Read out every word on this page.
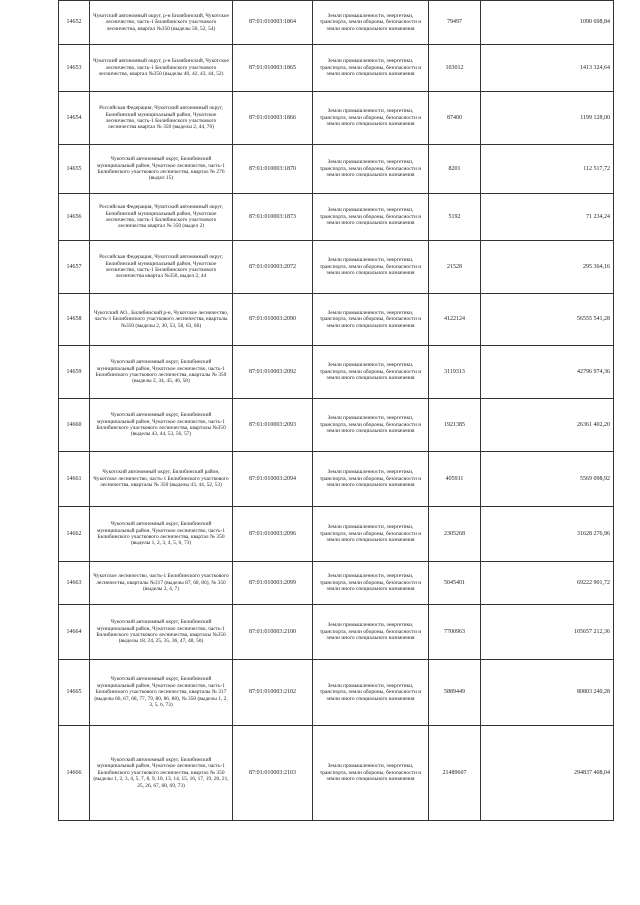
14652	Чукотский автономный округ, р-н Билибинский, Чукотское лесничество, часть-1 Билибинского участкового лесничества, квартал №350 (выделы 50, 52, 54)	87:01:010003:1864	Земли промышленности, энергетики, транспорта, земли обороны, безопасности и земли иного специального назначения	79497	1090 698,84
14653	Чукотский автономный округ, р-н Билибинский, Чукотское лесничество, часть-1 Билибинского участкового лесничества, квартал №350 (выделы 40, 42, 43, 44, 52)	87:01:010003:1865	Земли промышленности, энергетики, транспорта, земли обороны, безопасности и земли иного специального назначения	103012	1413 324,64
14654	Российская Федерация, Чукотский автономный округ, Билибинский муниципальный район, Чукотское лесничество, часть-1 Билибинского участкового лесничества квартал № 350 (выделы 2, 44, 70)	87:01:010003:1866	Земли промышленности, энергетики, транспорта, земли обороны, безопасности и земли иного специального назначения	87400	1199 128,00
14655	Чукотский автономный округ, Билибинский муниципальный район, Чукотское лесничество, часть-1 Билибинского участкового лесничества, квартал № 276 (выдел 15)	87:01:010003:1870	Земли промышленности, энергетики, транспорта, земли обороны, безопасности и земли иного специального назначения	8201	112 517,72
14656	Российская Федерация, Чукотский автономный округ, Билибинский муниципальный район, Чукотское лесничество, часть-1 Билибинского участкового лесничества квартал № 350 (выдел 2)	87:01:010003:1873	Земли промышленности, энергетики, транспорта, земли обороны, безопасности и земли иного специального назначения	5192	71 234,24
14657	Российская Федерация, Чукотский автономный округ, Билибинский муниципальный район, Чукотское лесничество, часть-1 Билибинского участкового лесничества квартал №350, выдел 2, 44	87:01:010003:2072	Земли промышленности, энергетики, транспорта, земли обороны, безопасности и земли иного специального назначения	21528	295 364,16
14658	Чукотский АО., Билибинский р-н, Чукотское лесничество, часть-1 Билибинского участкового лесничества, кварталы №350 (выделы 2, 30, 53, 58, 63, 66)	87:01:010003:2090	Земли промышленности, энергетики, транспорта, земли обороны, безопасности и земли иного специального назначения	4122124	56555 541,28
14659	Чукотский автономный округ, Билибинский муниципальный район, Чукотское лесничество, часть-1 Билибинского участкового лесничества, кварталы № 350 (выделы 2, 34, 45, 46, 58)	87:01:010003:2092	Земли промышленности, энергетики, транспорта, земли обороны, безопасности и земли иного специального назначения	3119313	42796 974,36
14660	Чукотский автономный округ, Билибинский муниципальный район, Чукотское лесничество, часть-1 Билибинского участкового лесничества, кварталы №350 (выделы 43, 44, 53, 56, 57)	87:01:010003:2093	Земли промышленности, энергетики, транспорта, земли обороны, безопасности и земли иного специального назначения	1921385	26361 402,20
14661	Чукотский автономный округ, Билибинский район, Чукотское лесничество, часть-1 Билибинского участкового лесничества, кварталы № 350 (выделы 43, 44, 52, 53)	87:01:010003:2094	Земли промышленности, энергетики, транспорта, земли обороны, безопасности и земли иного специального назначения	405911	5569 098,92
14662	Чукотский автономный округ, Билибинский муниципальный район, Чукотское лесничество, часть-1 Билибинского участкового лесничества, квартал № 350 (выделы 1, 2, 3, 4, 5, 6, 73)	87:01:010003:2096	Земли промышленности, энергетики, транспорта, земли обороны, безопасности и земли иного специального назначения	2305268	31628 276,96
14663	Чукотское лесничество, часть-1 Билибинского участкового лесничества, кварталы №317 (выделы 87, 68, 86), № 350 (выделы 3, 4, 7)	87:01:010003:2099	Земли промышленности, энергетики, транспорта, земли обороны, безопасности и земли иного специального назначения	5045401	69222 901,72
14664	Чукотский автономный округ, Билибинский муниципальный район, Чукотское лесничество, часть-1 Билибинского участкового лесничества, кварталы №350 (выделы 18, 24, 25, 35, 36, 47, 48, 50)	87:01:010003:2100	Земли промышленности, энергетики, транспорта, земли обороны, безопасности и земли иного специального назначения	7700963	105657 212,36
14665	Чукотский автономный округ, Билибинский муниципальный район, Чукотское лесничество, часть-1 Билибинского участкового лесничества, кварталы № 317 (выделы 66, 67, 68, 77, 79, 80, 86, 88), № 350 (выделы 1, 2, 3, 5, 6, 73)	87:01:010003:2102	Земли промышленности, энергетики, транспорта, земли обороны, безопасности и земли иного специального назначения	5889449	80803 240,28
14666	Чукотский автономный округ, Билибинский муниципальный район, Чукотское лесничество, часть-1 Билибинского участкового лесничества, квартал № 350 (выделы 1, 2, 3, 4, 5, 7, 8, 9, 10, 13, 14, 15, 16, 17, 19, 20, 21, 25, 26, 67, 68, 69, 73)	87:01:010003:2103	Земли промышленности, энергетики, транспорта, земли обороны, безопасности и земли иного специального назначения	21489607	294837 408,04
